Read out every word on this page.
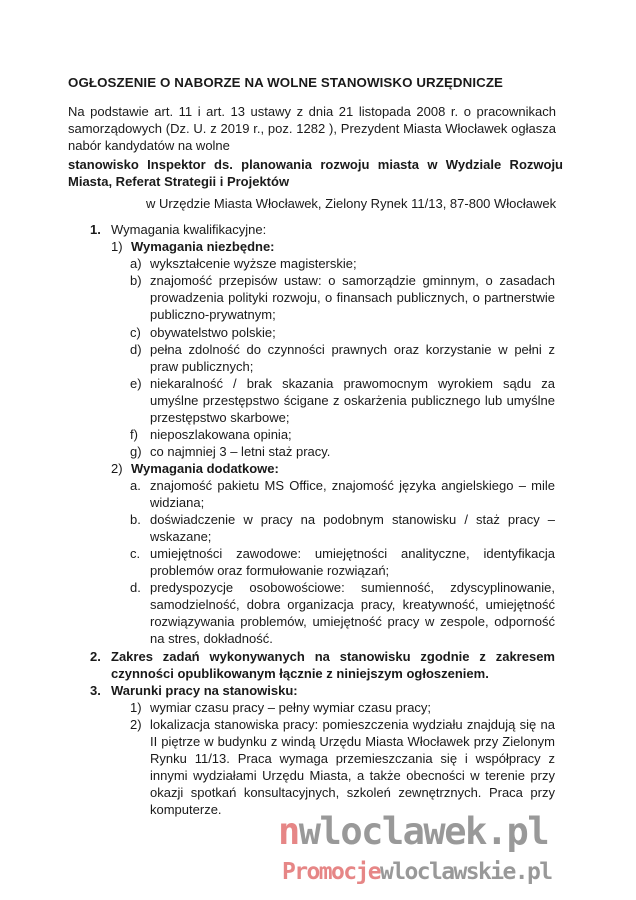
OGŁOSZENIE O NABORZE NA WOLNE STANOWISKO URZĘDNICZE
Na podstawie art. 11 i art. 13 ustawy z dnia 21 listopada 2008 r. o pracownikach samorządowych (Dz. U. z 2019 r., poz. 1282 ), Prezydent Miasta Włocławek ogłasza nabór kandydatów na wolne
stanowisko Inspektor ds. planowania rozwoju miasta w Wydziale Rozwoju Miasta, Referat Strategii i Projektów
w Urzędzie Miasta Włocławek, Zielony Rynek 11/13, 87-800 Włocławek
1. Wymagania kwalifikacyjne:
1) Wymagania niezbędne:
a) wykształcenie wyższe magisterskie;
b) znajomość przepisów ustaw: o samorządzie gminnym, o zasadach prowadzenia polityki rozwoju, o finansach publicznych, o partnerstwie publiczno-prywatnym;
c) obywatelstwo polskie;
d) pełna zdolność do czynności prawnych oraz korzystanie w pełni z praw publicznych;
e) niekaralność / brak skazania prawomocnym wyrokiem sądu za umyślne przestępstwo ścigane z oskarżenia publicznego lub umyślne przestępstwo skarbowe;
f) nieposzlakowana opinia;
g) co najmniej 3 – letni staż pracy.
2) Wymagania dodatkowe:
a. znajomość pakietu MS Office, znajomość języka angielskiego – mile widziana;
b. doświadczenie w pracy na podobnym stanowisku / staż pracy – wskazane;
c. umiejętności zawodowe: umiejętności analityczne, identyfikacja problemów oraz formułowanie rozwiązań;
d. predyspozycje osobowościowe: sumienność, zdyscyplinowanie, samodzielność, dobra organizacja pracy, kreatywność, umiejętność rozwiązywania problemów, umiejętność pracy w zespole, odporność na stres, dokładność.
2. Zakres zadań wykonywanych na stanowisku zgodnie z zakresem czynności opublikowanym łącznie z niniejszym ogłoszeniem.
3. Warunki pracy na stanowisku:
1) wymiar czasu pracy – pełny wymiar czasu pracy;
2) lokalizacja stanowiska pracy: pomieszczenia wydziału znajdują się na II piętrze w budynku z windą Urzędu Miasta Włocławek przy Zielonym Rynku 11/13. Praca wymaga przemieszczania się i współpracy z innymi wydziałami Urzędu Miasta, a także obecności w terenie przy okazji spotkań konsultacyjnych, szkoleń zewnętrznych. Praca przy komputerze.
nwloclawek.pl
Promocjewloclawskie.pl
